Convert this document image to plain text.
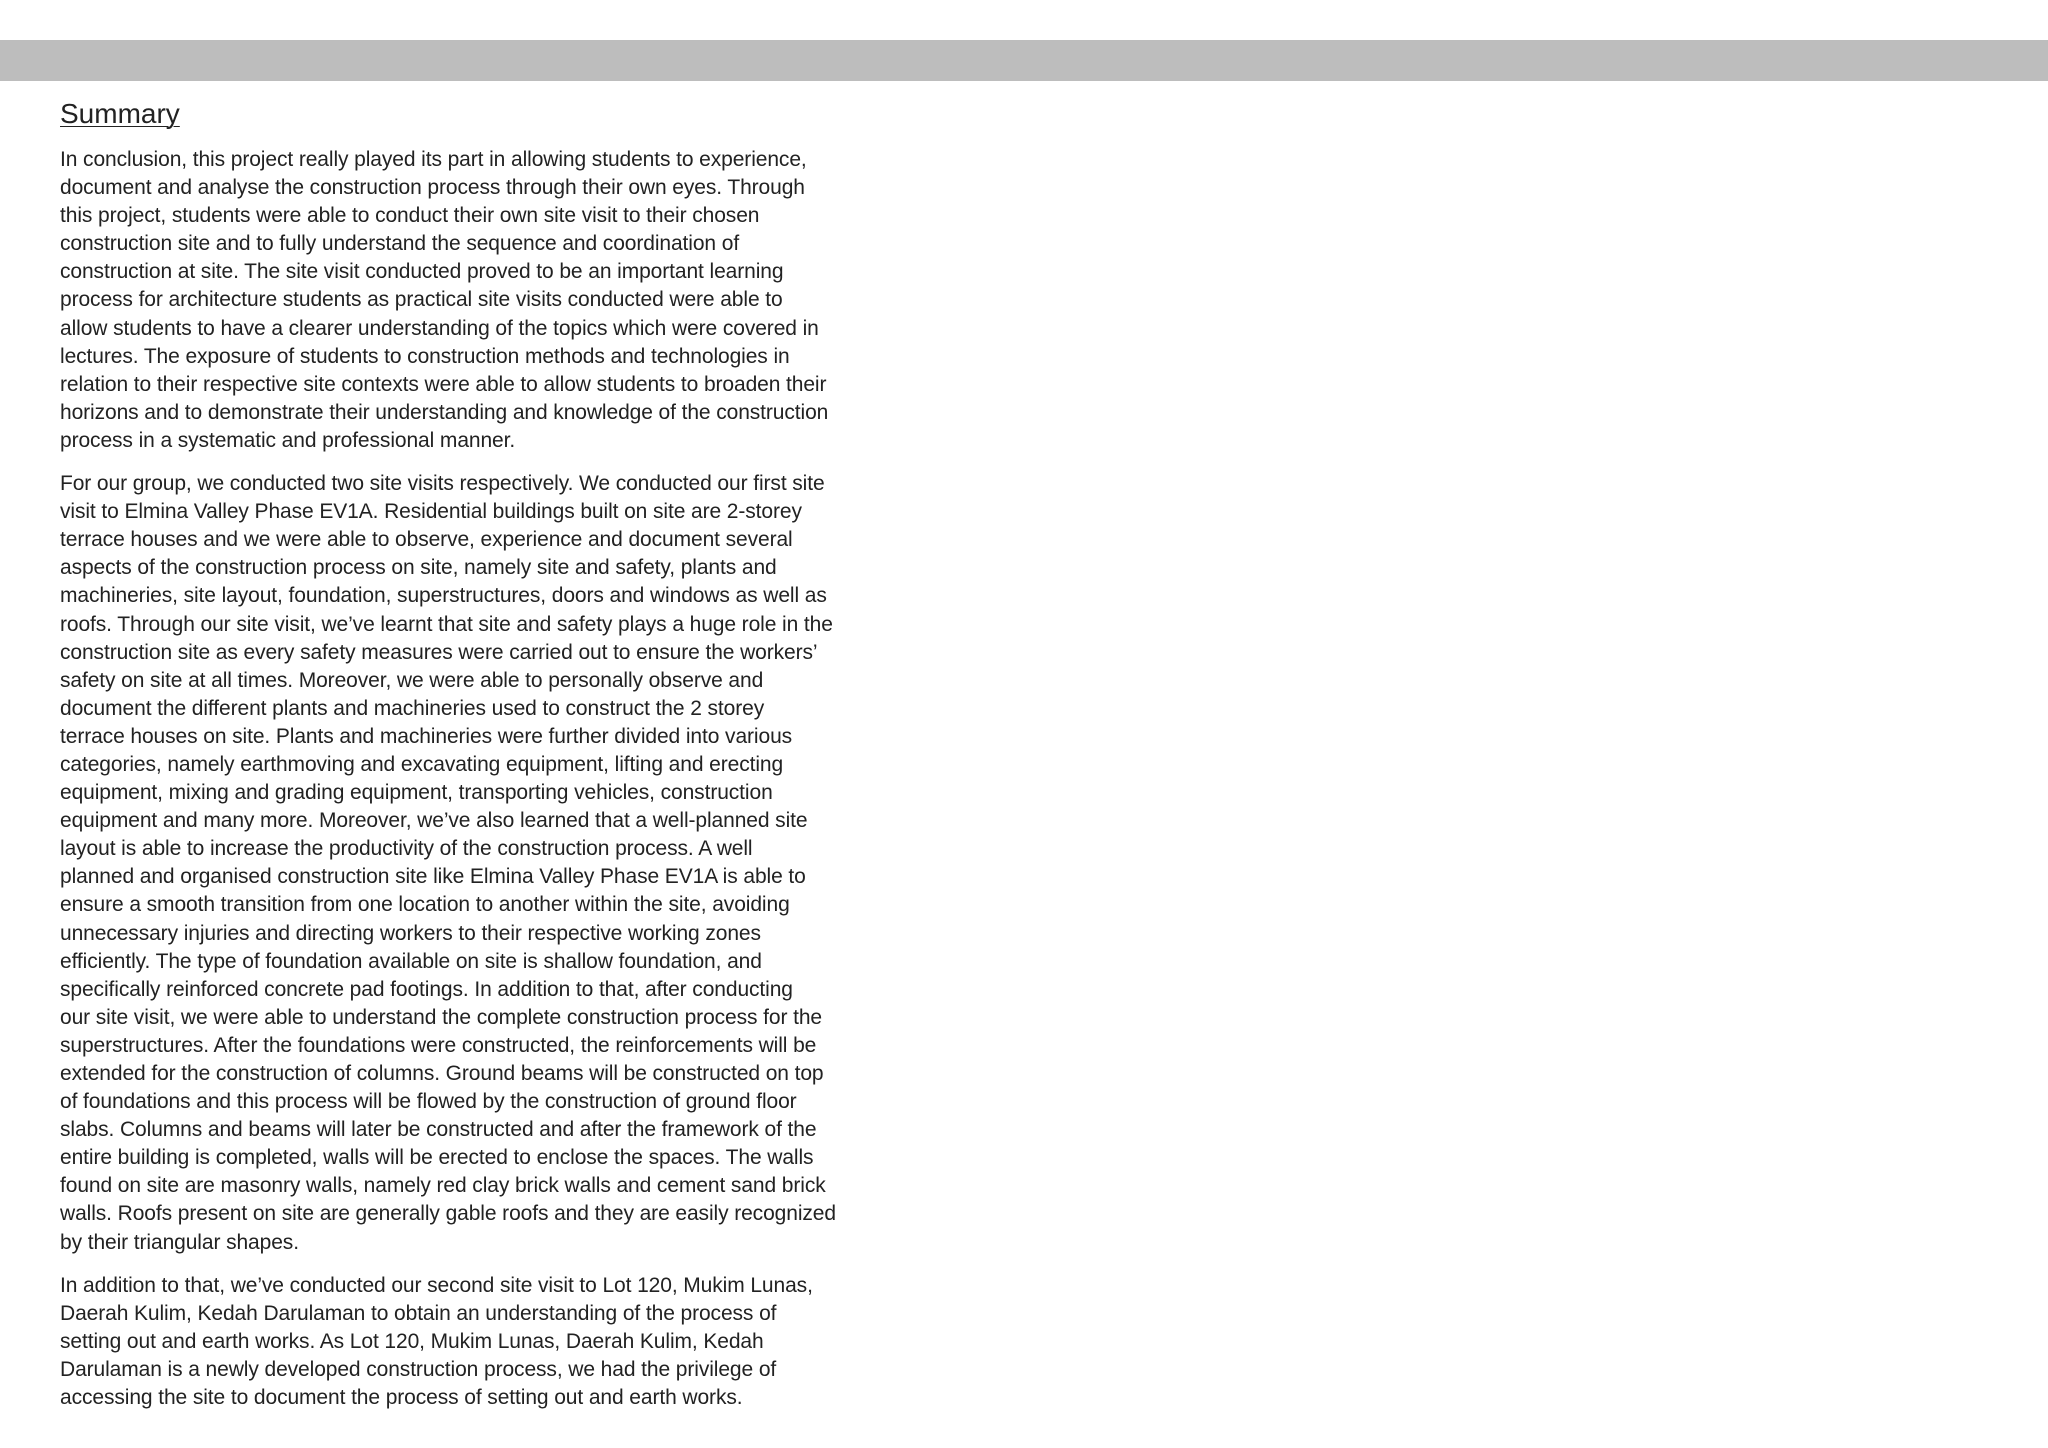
Summary
In conclusion, this project really played its part in allowing students to experience,
document and analyse the construction process through their own eyes. Through
this project, students were able to conduct their own site visit to their chosen
construction site and to fully understand the sequence and coordination of
construction at site. The site visit conducted proved to be an important learning
process for architecture students as practical site visits conducted were able to
allow students to have a clearer understanding of the topics which were covered in
lectures. The exposure of students to construction methods and technologies in
relation to their respective site contexts were able to allow students to broaden their
horizons and to demonstrate their understanding and knowledge of the construction
process in a systematic and professional manner.
For our group, we conducted two site visits respectively. We conducted our first site
visit to Elmina Valley Phase EV1A. Residential buildings built on site are 2-storey
terrace houses and we were able to observe, experience and document several
aspects of the construction process on site, namely site and safety, plants and
machineries, site layout, foundation, superstructures, doors and windows as well as
roofs. Through our site visit, we’ve learnt that site and safety plays a huge role in the
construction site as every safety measures were carried out to ensure the workers’
safety on site at all times. Moreover, we were able to personally observe and
document the different plants and machineries used to construct the 2 storey
terrace houses on site. Plants and machineries were further divided into various
categories, namely earthmoving and excavating equipment, lifting and erecting
equipment, mixing and grading equipment, transporting vehicles, construction
equipment and many more. Moreover, we’ve also learned that a well-planned site
layout is able to increase the productivity of the construction process. A well
planned and organised construction site like Elmina Valley Phase EV1A is able to
ensure a smooth transition from one location to another within the site, avoiding
unnecessary injuries and directing workers to their respective working zones
efficiently. The type of foundation available on site is shallow foundation, and
specifically reinforced concrete pad footings. In addition to that, after conducting
our site visit, we were able to understand the complete construction process for the
superstructures. After the foundations were constructed, the reinforcements will be
extended for the construction of columns. Ground beams will be constructed on top
of foundations and this process will be flowed by the construction of ground floor
slabs. Columns and beams will later be constructed and after the framework of the
entire building is completed, walls will be erected to enclose the spaces. The walls
found on site are masonry walls, namely red clay brick walls and cement sand brick
walls. Roofs present on site are generally gable roofs and they are easily recognized
by their triangular shapes.
In addition to that, we’ve conducted our second site visit to Lot 120, Mukim Lunas,
Daerah Kulim, Kedah Darulaman to obtain an understanding of the process of
setting out and earth works. As Lot 120, Mukim Lunas, Daerah Kulim, Kedah
Darulaman is a newly developed construction process, we had the privilege of
accessing the site to document the process of setting out and earth works.
